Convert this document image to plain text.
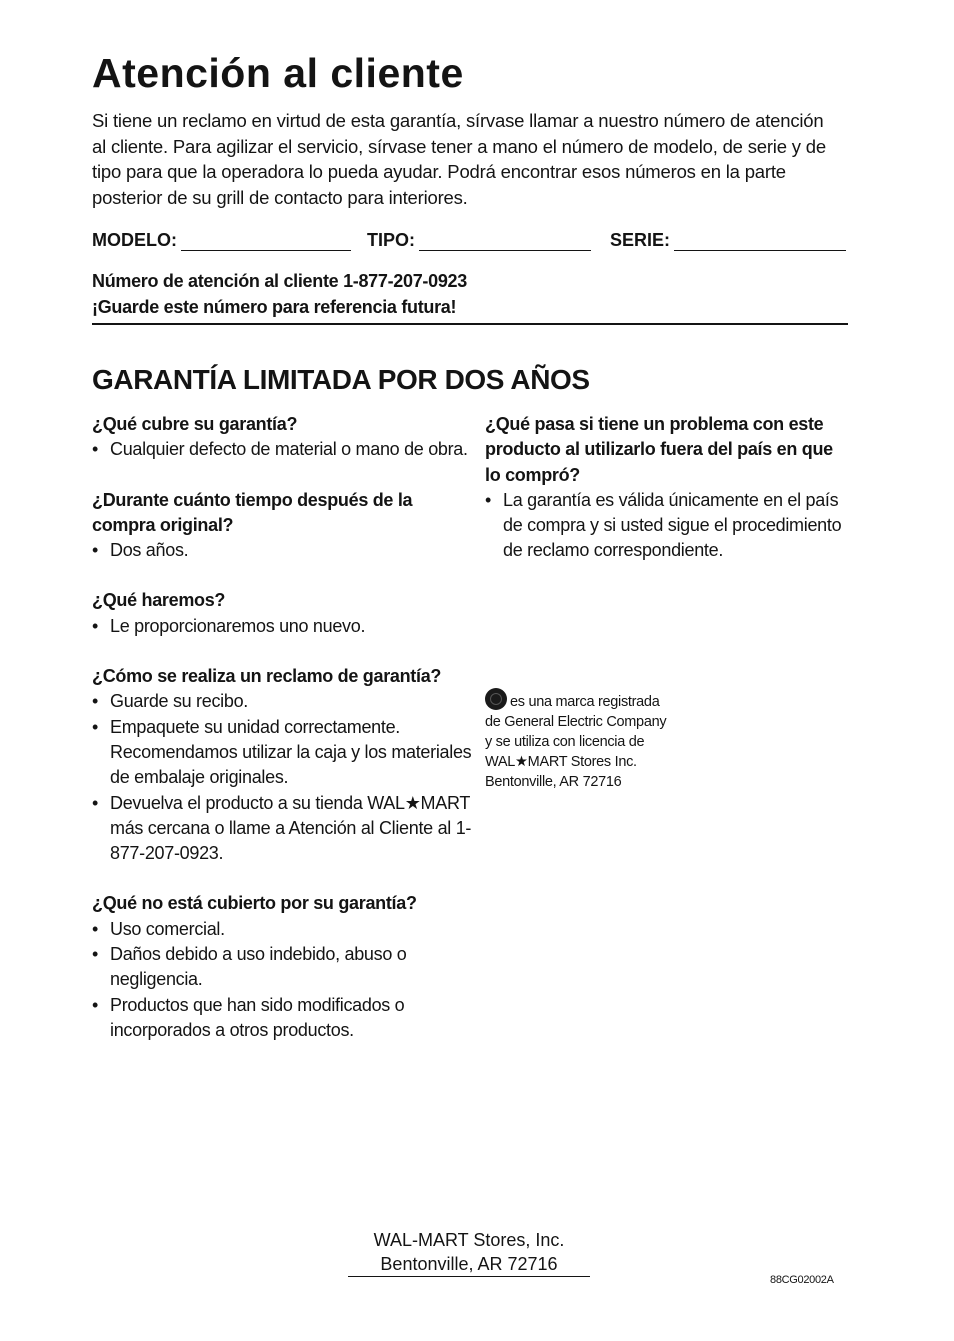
Atención al cliente

Si tiene un reclamo en virtud de esta garantía, sírvase llamar a nuestro número de atención al cliente. Para agilizar el servicio, sírvase tener a mano el número de modelo, de serie y de tipo para que la operadora lo pueda ayudar. Podrá encontrar esos números en la parte posterior de su grill de contacto para interiores.

MODELO:	TIPO:	SERIE:
Número de atención al cliente 1-877-207-0923
¡Guarde este número para referencia futura!
GARANTÍA LIMITADA POR DOS AÑOS

¿Qué cubre su garantía?

• Cualquier defecto de material o mano de obra.

¿Durante cuánto tiempo después de la compra original?

• Dos años.

¿Qué haremos?

• Le proporcionaremos uno nuevo.

¿Cómo se realiza un reclamo de garantía?

• Guarde su recibo.
• Empaquete su unidad correctamente. Recomendamos utilizar la caja y los materiales de embalaje originales.
• Devuelva el producto a su tienda WAL★MART más cercana o llame a Atención al Cliente al 1-877-207-0923.

¿Qué no está cubierto por su garantía?

• Uso comercial.
• Daños debido a uso indebido, abuso o negligencia.
• Productos que han sido modificados o incorporados a otros productos.

¿Qué pasa si tiene un problema con este producto al utilizarlo fuera del país en que lo compró?

• La garantía es válida únicamente en el país de compra y si usted sigue el procedimiento de reclamo correspondiente.
es una marca registrada
de General Electric Company
y se utiliza con licencia de
WAL★MART Stores Inc.
Bentonville, AR 72716
WAL-MART Stores, Inc.
Bentonville, AR 72716
88CG02002A
